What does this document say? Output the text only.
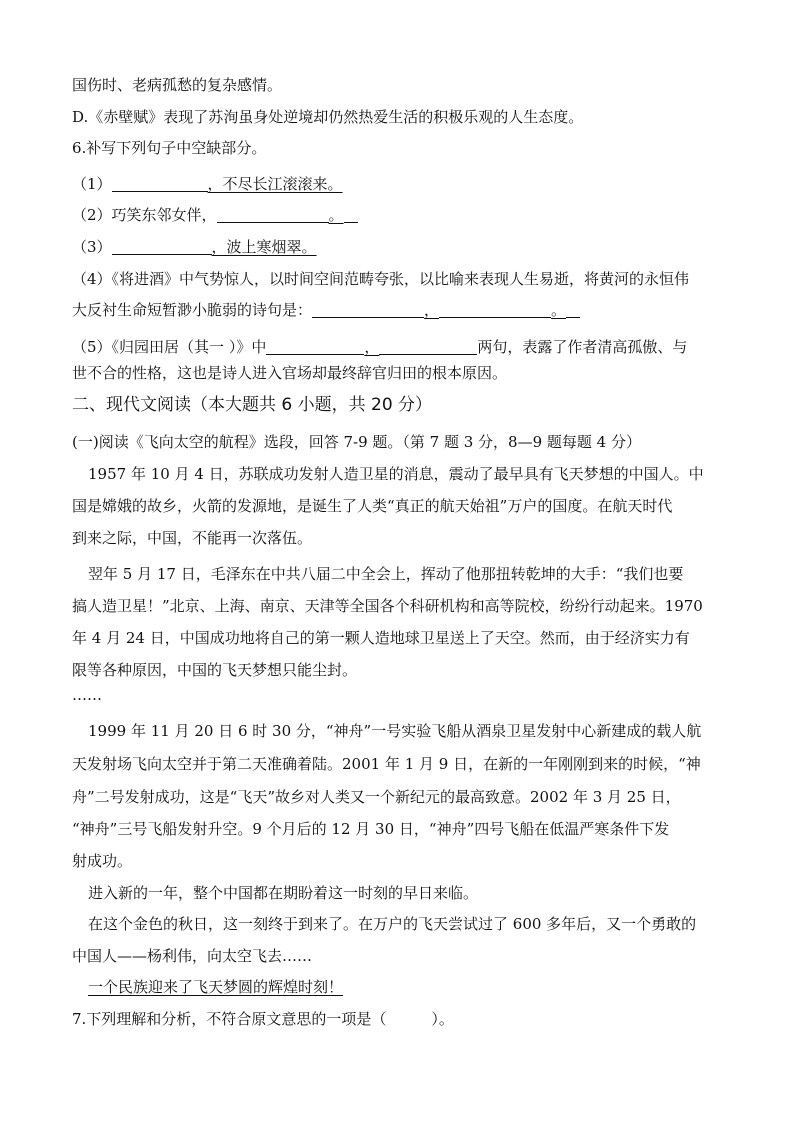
国伤时、老病孤愁的复杂感情。
D.《赤壁赋》表现了苏洵虽身处逆境却仍然热爱生活的积极乐观的人生态度。
6.补写下列句子中空缺部分。
（1）	，不尽长江滚滚来。
（2）巧笑东邻女伴，	。
（3）	，波上寒烟翠。
（4）《将进酒》中气势惊人，以时间空间范畴夸张，以比喻来表现人生易逝，将黄河的永恒伟
大反衬生命短暂渺小脆弱的诗句是：	，	。
（5）《归园田居（其一 ）》中	，	两句，表露了作者清高孤傲、与
世不合的性格，这也是诗人进入官场却最终辞官归田的根本原因。
二、现代文阅读（本大题共 6 小题，共 20 分）
(一)阅读《飞向太空的航程》选段，回答 7-9 题。（第 7 题 3 分，8—9 题每题 4 分）
1957 年 10 月 4 日，苏联成功发射人造卫星的消息，震动了最早具有飞天梦想的中国人。中
国是嫦娥的故乡，火箭的发源地，是诞生了人类“真正的航天始祖”万户的国度。在航天时代
到来之际，中国，不能再一次落伍。
翌年 5 月 17 日，毛泽东在中共八届二中全会上，挥动了他那扭转乾坤的大手：“我们也要
搞人造卫星！”北京、上海、南京、天津等全国各个科研机构和高等院校，纷纷行动起来。1970
年 4 月 24 日，中国成功地将自己的第一颗人造地球卫星送上了天空。然而，由于经济实力有
限等各种原因，中国的飞天梦想只能尘封。
……
1999 年 11 月 20 日 6 时 30 分，“神舟”一号实验飞船从酒泉卫星发射中心新建成的载人航
天发射场飞向太空并于第二天准确着陆。2001 年 1 月 9 日，在新的一年刚刚到来的时候，“神
舟”二号发射成功，这是“飞天”故乡对人类又一个新纪元的最高致意。2002 年 3 月 25 日，
“神舟”三号飞船发射升空。9 个月后的 12 月 30 日，“神舟”四号飞船在低温严寒条件下发
射成功。
进入新的一年，整个中国都在期盼着这一时刻的早日来临。
在这个金色的秋日，这一刻终于到来了。在万户的飞天尝试过了 600 多年后，又一个勇敢的
中国人——杨利伟，向太空飞去……
一个民族迎来了飞天梦圆的辉煌时刻！
7.下列理解和分析，不符合原文意思的一项是（　　　）。
